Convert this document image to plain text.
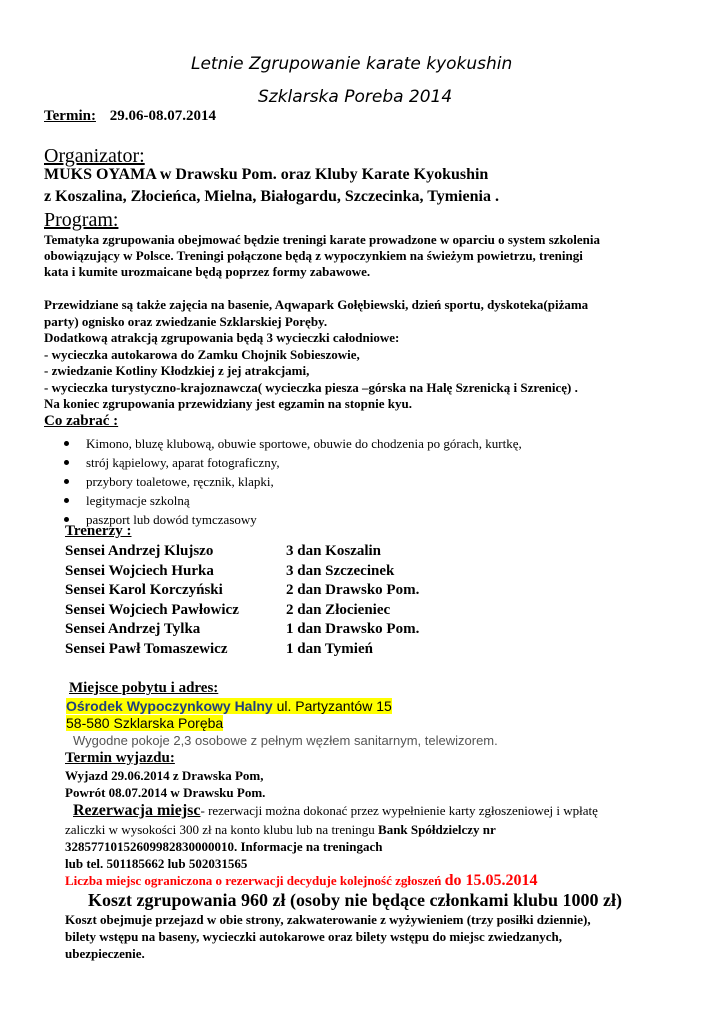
Letnie Zgrupowanie karate kyokushin
Szklarska Poreba 2014
Termin: 29.06-08.07.2014
Organizator:
MUKS OYAMA w Drawsku Pom. oraz Kluby Karate Kyokushin
z Koszalina, Złocieńca, Mielna, Białogardu, Szczecinka, Tymienia .
Program:
Tematyka zgrupowania obejmować będzie treningi karate prowadzone w oparciu o system szkolenia
obowiązujący w Polsce. Treningi połączone będą z wypoczynkiem na świeżym powietrzu, treningi
kata i kumite urozmaicane będą poprzez formy zabawowe.
Przewidziane są także zajęcia na basenie, Aqwapark Gołębiewski, dzień sportu, dyskoteka(piżama
party) ognisko oraz zwiedzanie Szklarskiej Poręby.
Dodatkową atrakcją zgrupowania będą 3 wycieczki całodniowe:
- wycieczka autokarowa do Zamku Chojnik Sobieszowie,
- zwiedzanie Kotliny Kłodzkiej z jej atrakcjami,
- wycieczka turystyczno-krajoznawcza( wycieczka piesza –górska na Halę Szrenicką i Szrenicę) .
Na koniec zgrupowania przewidziany jest egzamin na stopnie kyu.
Co zabrać :
Kimono, bluzę klubową, obuwie sportowe, obuwie do chodzenia po górach, kurtkę,
strój kąpielowy, aparat fotograficzny,
przybory toaletowe, ręcznik, klapki,
legitymacje szkolną
paszport lub dowód tymczasowy
Trenerzy :
Sensei Andrzej Klujszo	3 dan Koszalin
Sensei Wojciech Hurka	3 dan Szczecinek
Sensei Karol Korczyński	2 dan Drawsko Pom.
Sensei Wojciech Pawłowicz	2 dan Złocieniec
Sensei Andrzej Tylka	1 dan Drawsko Pom.
Sensei Pawł Tomaszewicz	1 dan Tymień
Miejsce pobytu i adres:
Ośrodek Wypoczynkowy Halny ul. Partyzantów 15
58-580 Szklarska Poręba
Wygodne pokoje 2,3 osobowe z pełnym węzłem sanitarnym, telewizorem.
Termin wyjazdu:
Wyjazd 29.06.2014 z Drawska Pom,
Powrót 08.07.2014 w Drawsku Pom.
Rezerwacja miejsc- rezerwacji można dokonać przez wypełnienie karty zgłoszeniowej i wpłatę
zaliczki w wysokości 300 zł na konto klubu lub na treningu Bank Spółdzielczy nr
32857710152609982830000010. Informacje na treningach
lub tel. 501185662 lub 502031565
Liczba miejsc ograniczona o rezerwacji decyduje kolejność zgłoszeń do 15.05.2014
Koszt zgrupowania 960 zł (osoby nie będące członkami klubu 1000 zł)
Koszt obejmuje przejazd w obie strony, zakwaterowanie z wyżywieniem (trzy posiłki dziennie),
bilety wstępu na baseny, wycieczki autokarowe oraz bilety wstępu do miejsc zwiedzanych,
ubezpieczenie.
